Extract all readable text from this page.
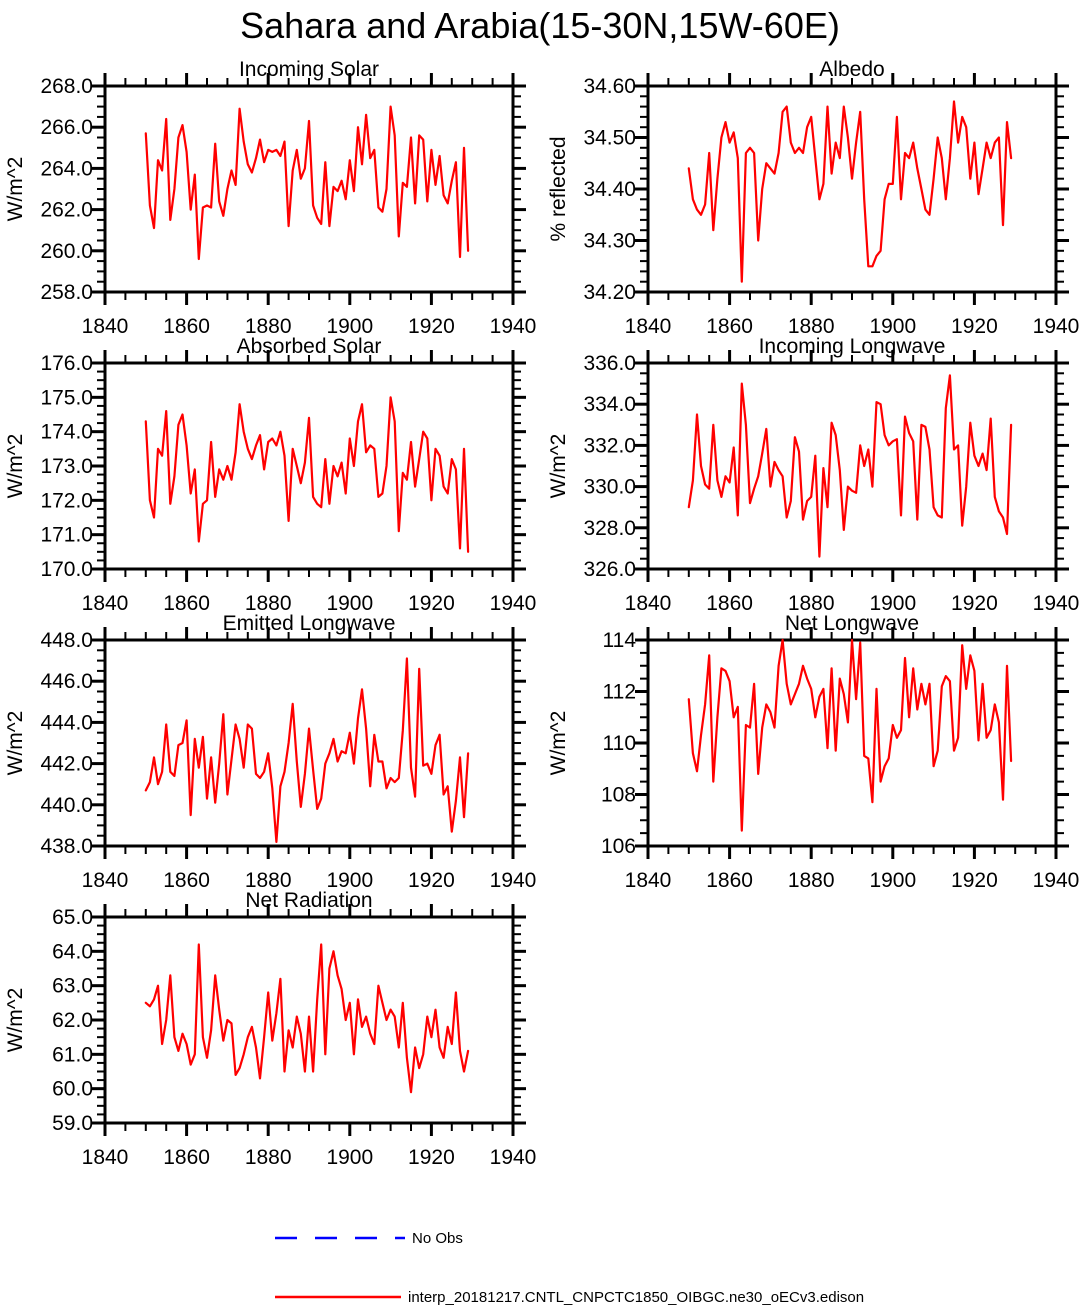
Sahara and Arabia(15-30N,15W-60E)
1840 1860 1880 1900 1920 1940
268.0
266.0
264.0
262.0
260.0
258.0
Incoming Solar
W/m^2
1840 1860 1880 1900 1920 1940
34.60
34.50
34.40
34.30
34.20
Albedo
% reflected
1840 1860 1880 1900 1920 1940
176.0
175.0
174.0
173.0
172.0
171.0
170.0
Absorbed Solar
W/m^2
1840 1860 1880 1900 1920 1940
336.0
334.0
332.0
330.0
328.0
326.0
Incoming Longwave
W/m^2
1840 1860 1880 1900 1920 1940
448.0
446.0
444.0
442.0
440.0
438.0
Emitted Longwave
W/m^2
1840 1860 1880 1900 1920 1940
114
112
110
108
106
Net Longwave
W/m^2
1840 1860 1880 1900 1920 1940
65.0
64.0
63.0
62.0
61.0
60.0
59.0
Net Radiation
W/m^2
No Obs
interp_20181217.CNTL_CNPCTC1850_OIBGC.ne30_oECv3.edison
